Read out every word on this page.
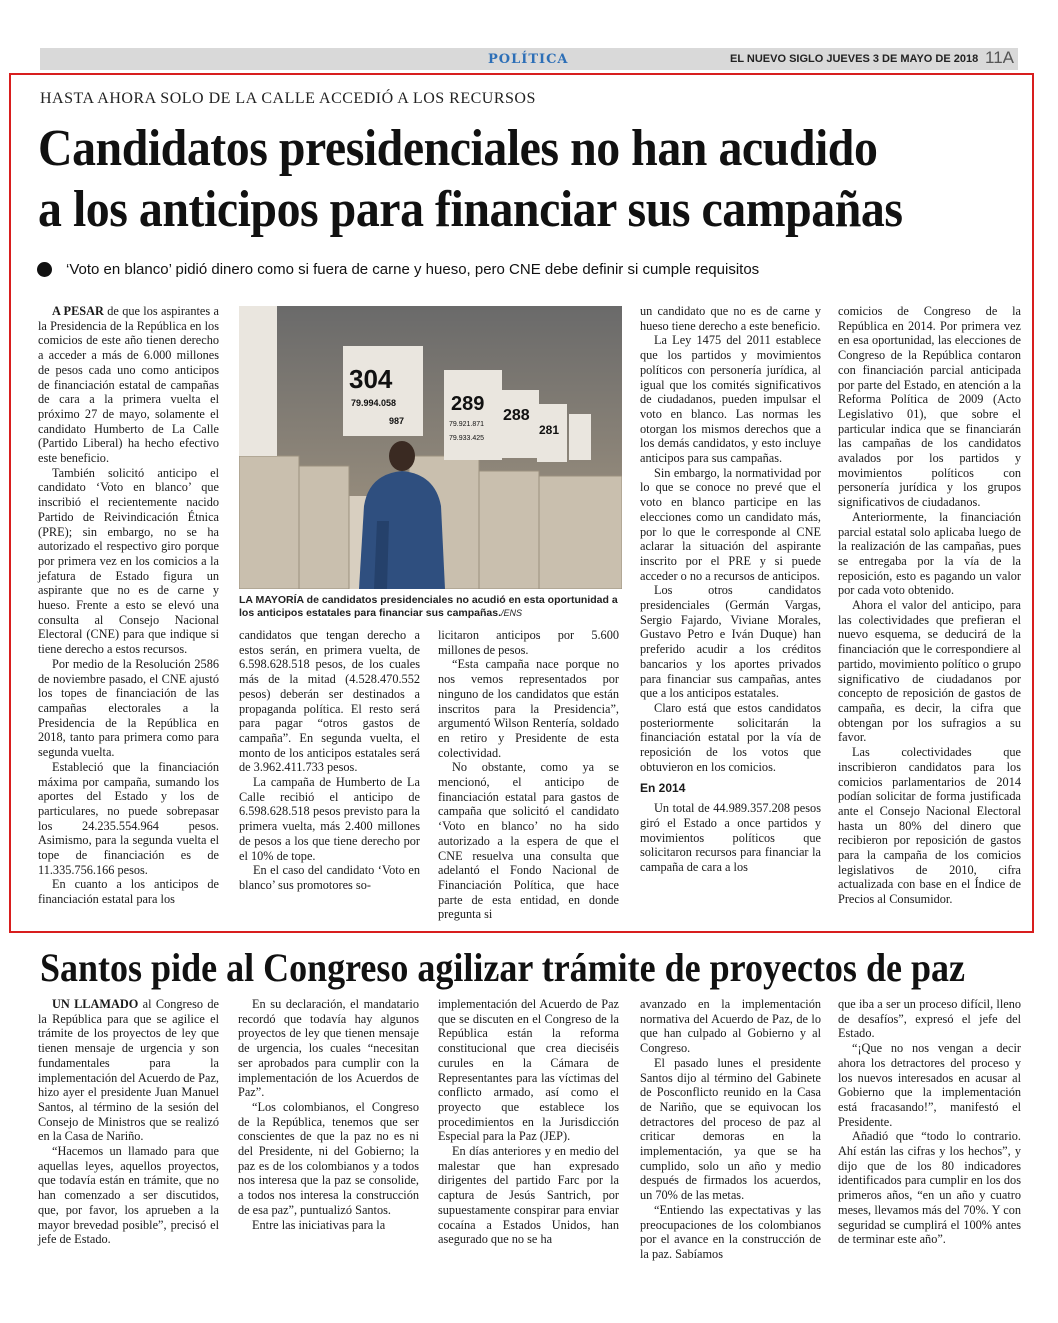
POLÍTICA	EL NUEVO SIGLO JUEVES 3 DE MAYO DE 2018 11A
HASTA AHORA SOLO DE LA CALLE ACCEDIÓ A LOS RECURSOS
Candidatos presidenciales no han acudido
a los anticipos para financiar sus campañas
‘Voto en blanco’ pidió dinero como si fuera de carne y hueso, pero CNE debe definir si cumple requisitos

A PESAR de que los aspirantes a la Presidencia de la República en los comicios de este año tienen derecho a acceder a más de 6.000 millones de pesos cada uno como anticipos de financiación estatal de campañas de cara a la primera vuelta el próximo 27 de mayo, solamente el candidato Humberto de La Calle (Partido Liberal) ha hecho efectivo este beneficio.

También solicitó anticipo el candidato ‘Voto en blanco’ que inscribió el recientemente nacido Partido de Reivindicación Étnica (PRE); sin embargo, no se ha autorizado el respectivo giro porque por primera vez en los comicios a la jefatura de Estado figura un aspirante que no es de carne y hueso. Frente a esto se elevó una consulta al Consejo Nacional Electoral (CNE) para que indique si tiene derecho a estos recursos.

Por medio de la Resolución 2586 de noviembre pasado, el CNE ajustó los topes de financiación de las campañas electorales a la Presidencia de la República en 2018, tanto para primera como para segunda vuelta.

Estableció que la financiación máxima por campaña, sumando los aportes del Estado y los de particulares, no puede sobrepasar los 24.235.554.964 pesos. Asimismo, para la segunda vuelta el tope de financiación es de 11.335.756.166 pesos.

En cuanto a los anticipos de financiación estatal para los

304
79.994.058
987
289
79.921.871
79.933.425
288
281
LA MAYORÍA de candidatos presidenciales no acudió en esta oportunidad a los anticipos estatales para financiar sus campañas./ENS

candidatos que tengan derecho a estos serán, en primera vuelta, de 6.598.628.518 pesos, de los cuales más de la mitad (4.528.470.552 pesos) deberán ser destinados a propaganda política. El resto será para pagar “otros gastos de campaña”. En segunda vuelta, el monto de los anticipos estatales será de 3.962.411.733 pesos.

La campaña de Humberto de La Calle recibió el anticipo de 6.598.628.518 pesos previsto para la primera vuelta, más 2.400 millones de pesos a los que tiene derecho por el 10% de tope.

En el caso del candidato ‘Voto en blanco’ sus promotores so-

licitaron anticipos por 5.600 millones de pesos.

“Esta campaña nace porque no nos vemos representados por ninguno de los candidatos que están inscritos para la Presidencia”, argumentó Wilson Rentería, soldado en retiro y Presidente de esta colectividad.

No obstante, como ya se mencionó, el anticipo de financiación estatal para gastos de campaña que solicitó el candidato ‘Voto en blanco’ no ha sido autorizado a la espera de que el CNE resuelva una consulta que adelantó el Fondo Nacional de Financiación Política, que hace parte de esta entidad, en donde pregunta si

un candidato que no es de carne y hueso tiene derecho a este beneficio.

La Ley 1475 del 2011 establece que los partidos y movimientos políticos con personería jurídica, al igual que los comités significativos de ciudadanos, pueden impulsar el voto en blanco. Las normas les otorgan los mismos derechos que a los demás candidatos, y esto incluye anticipos para sus campañas.

Sin embargo, la normatividad por lo que se conoce no prevé que el voto en blanco participe en las elecciones como un candidato más, por lo que le corresponde al CNE aclarar la situación del aspirante inscrito por el PRE y si puede acceder o no a recursos de anticipos.

Los otros candidatos presidenciales (Germán Vargas, Sergio Fajardo, Viviane Morales, Gustavo Petro e Iván Duque) han preferido acudir a los créditos bancarios y los aportes privados para financiar sus campañas, antes que a los anticipos estatales.

Claro está que estos candidatos posteriormente solicitarán la financiación estatal por la vía de reposición de los votos que obtuvieron en los comicios.

En 2014

Un total de 44.989.357.208 pesos giró el Estado a once partidos y movimientos políticos que solicitaron recursos para financiar la campaña de cara a los

comicios de Congreso de la República en 2014. Por primera vez en esa oportunidad, las elecciones de Congreso de la República contaron con financiación parcial anticipada por parte del Estado, en atención a la Reforma Política de 2009 (Acto Legislativo 01), que sobre el particular indica que se financiarán las campañas de los candidatos avalados por los partidos y movimientos políticos con personería jurídica y los grupos significativos de ciudadanos.

Anteriormente, la financiación parcial estatal solo aplicaba luego de la realización de las campañas, pues se entregaba por la vía de la reposición, esto es pagando un valor por cada voto obtenido.

Ahora el valor del anticipo, para las colectividades que prefieran el nuevo esquema, se deducirá de la financiación que le correspondiere al partido, movimiento político o grupo significativo de ciudadanos por concepto de reposición de gastos de campaña, es decir, la cifra que obtengan por los sufragios a su favor.

Las colectividades que inscribieron candidatos para los comicios parlamentarios de 2014 podían solicitar de forma justificada ante el Consejo Nacional Electoral hasta un 80% del dinero que recibieron por reposición de gastos para la campaña de los comicios legislativos de 2010, cifra actualizada con base en el Índice de Precios al Consumidor.

Santos pide al Congreso agilizar trámite de proyectos de paz

UN LLAMADO al Congreso de la República para que se agilice el trámite de los proyectos de ley que tienen mensaje de urgencia y son fundamentales para la implementación del Acuerdo de Paz, hizo ayer el presidente Juan Manuel Santos, al término de la sesión del Consejo de Ministros que se realizó en la Casa de Nariño.

“Hacemos un llamado para que aquellas leyes, aquellos proyectos, que todavía están en trámite, que no han comenzado a ser discutidos, que, por favor, los aprueben a la mayor brevedad posible”, precisó el jefe de Estado.

En su declaración, el mandatario recordó que todavía hay algunos proyectos de ley que tienen mensaje de urgencia, los cuales “necesitan ser aprobados para cumplir con la implementación de los Acuerdos de Paz”.

“Los colombianos, el Congreso de la República, tenemos que ser conscientes de que la paz no es ni del Presidente, ni del Gobierno; la paz es de los colombianos y a todos nos interesa que la paz se consolide, a todos nos interesa la construcción de esa paz”, puntualizó Santos.

Entre las iniciativas para la

implementación del Acuerdo de Paz que se discuten en el Congreso de la República están la reforma constitucional que crea dieciséis curules en la Cámara de Representantes para las víctimas del conflicto armado, así como el proyecto que establece los procedimientos en la Jurisdicción Especial para la Paz (JEP).

En días anteriores y en medio del malestar que han expresado dirigentes del partido Farc por la captura de Jesús Santrich, por supuestamente conspirar para enviar cocaína a Estados Unidos, han asegurado que no se ha

avanzado en la implementación normativa del Acuerdo de Paz, de lo que han culpado al Gobierno y al Congreso.

El pasado lunes el presidente Santos dijo al término del Gabinete de Posconflicto reunido en la Casa de Nariño, que se equivocan los detractores del proceso de paz al criticar demoras en la implementación, ya que se ha cumplido, solo un año y medio después de firmados los acuerdos, un 70% de las metas.

“Entiendo las expectativas y las preocupaciones de los colombianos por el avance en la construcción de la paz. Sabíamos

que iba a ser un proceso difícil, lleno de desafíos”, expresó el jefe del Estado.

“¡Que no nos vengan a decir ahora los detractores del proceso y los nuevos interesados en acusar al Gobierno que la implementación está fracasando!”, manifestó el Presidente.

Añadió que “todo lo contrario. Ahí están las cifras y los hechos”, y dijo que de los 80 indicadores identificados para cumplir en los dos primeros años, “en un año y cuatro meses, llevamos más del 70%. Y con seguridad se cumplirá el 100% antes de terminar este año”.
